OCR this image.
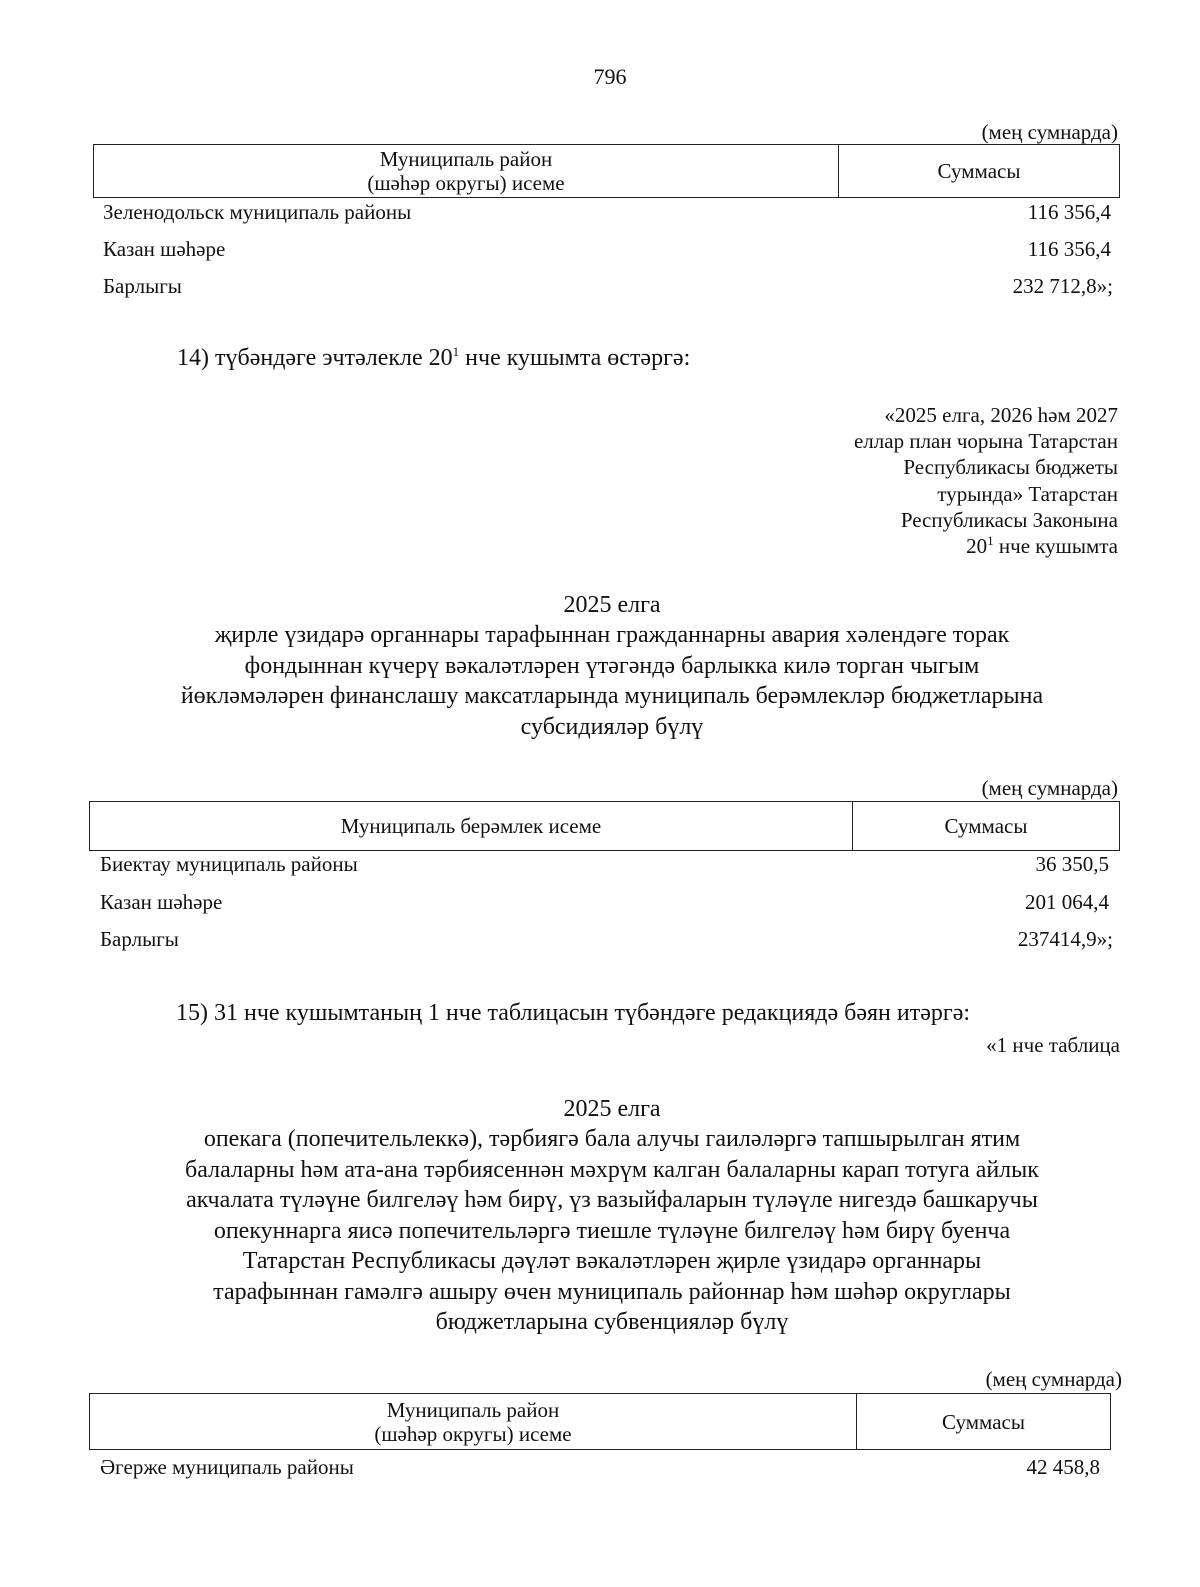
796
(мең сумнарда)
Муниципаль район
(шәһәр округы) исеме	Суммасы
Зеленодольск муниципаль районы	116 356,4
Казан шәһәре	116 356,4
Барлыгы	232 712,8»;
14) түбәндәге эчтәлекле $20^1$ нче кушымта өстәргә:
«2025 елга, 2026 һәм 2027
еллар план чорына Татарстан
Республикасы бюджеты
турында» Татарстан
Республикасы Законына
$20^1$ нче кушымта
2025 елга
җирле үзидарә органнары тарафыннан гражданнарны авария хәлендәге торак
фондыннан күчерү вәкаләтләрен үтәгәндә барлыкка килә торган чыгым
йөкләмәләрен финанслашу максатларында муниципаль берәмлекләр бюджетларына
субсидияләр бүлү
(мең сумнарда)
Муниципаль берәмлек исеме	Суммасы
Биектау муниципаль районы	36 350,5
Казан шәһәре	201 064,4
Барлыгы	237414,9»;
15) 31 нче кушымтаның 1 нче таблицасын түбәндәге редакциядә бәян итәргә:
«1 нче таблица
2025 елга
опекага (попечительлеккә), тәрбиягә бала алучы гаиләләргә тапшырылган ятим
балаларны һәм ата-ана тәрбиясеннән мәхрүм калган балаларны карап тотуга айлык
акчалата түләүне билгеләү һәм бирү, үз вазыйфаларын түләүле нигездә башкаручы
опекуннарга яисә попечительләргә тиешле түләүне билгеләү һәм бирү буенча
Татарстан Республикасы дәүләт вәкаләтләрен җирле үзидарә органнары
тарафыннан гамәлгә ашыру өчен муниципаль районнар һәм шәһәр округлары
бюджетларына субвенцияләр бүлү
(мең сумнарда)
Муниципаль район
(шәһәр округы) исеме	Суммасы
Әгерже муниципаль районы	42 458,8
